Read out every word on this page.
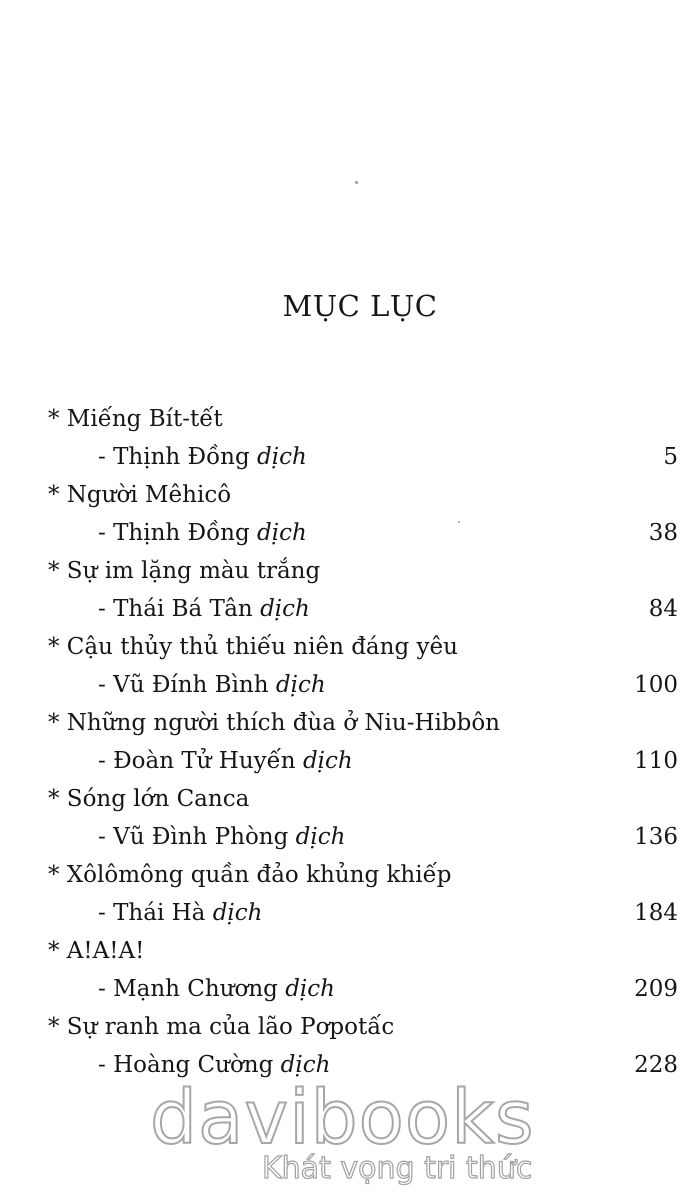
MỤC LỤC
* Miếng Bít-tết
- Thịnh Đồng dịch	5
* Người Mêhicô
- Thịnh Đồng dịch	38
* Sự im lặng màu trắng
- Thái Bá Tân dịch	84
* Cậu thủy thủ thiếu niên đáng yêu
- Vũ Đính Bình dịch	100
* Những người thích đùa ở Niu-Hibbôn
- Đoàn Tử Huyến dịch	110
* Sóng lớn Canca
- Vũ Đình Phòng dịch	136
* Xôlômông quần đảo khủng khiếp
- Thái Hà dịch	184
* A!A!A!
- Mạnh Chương dịch	209
* Sự ranh ma của lão Pơpotấc
- Hoàng Cường dịch	228
davibooks
Khát vọng tri thức
